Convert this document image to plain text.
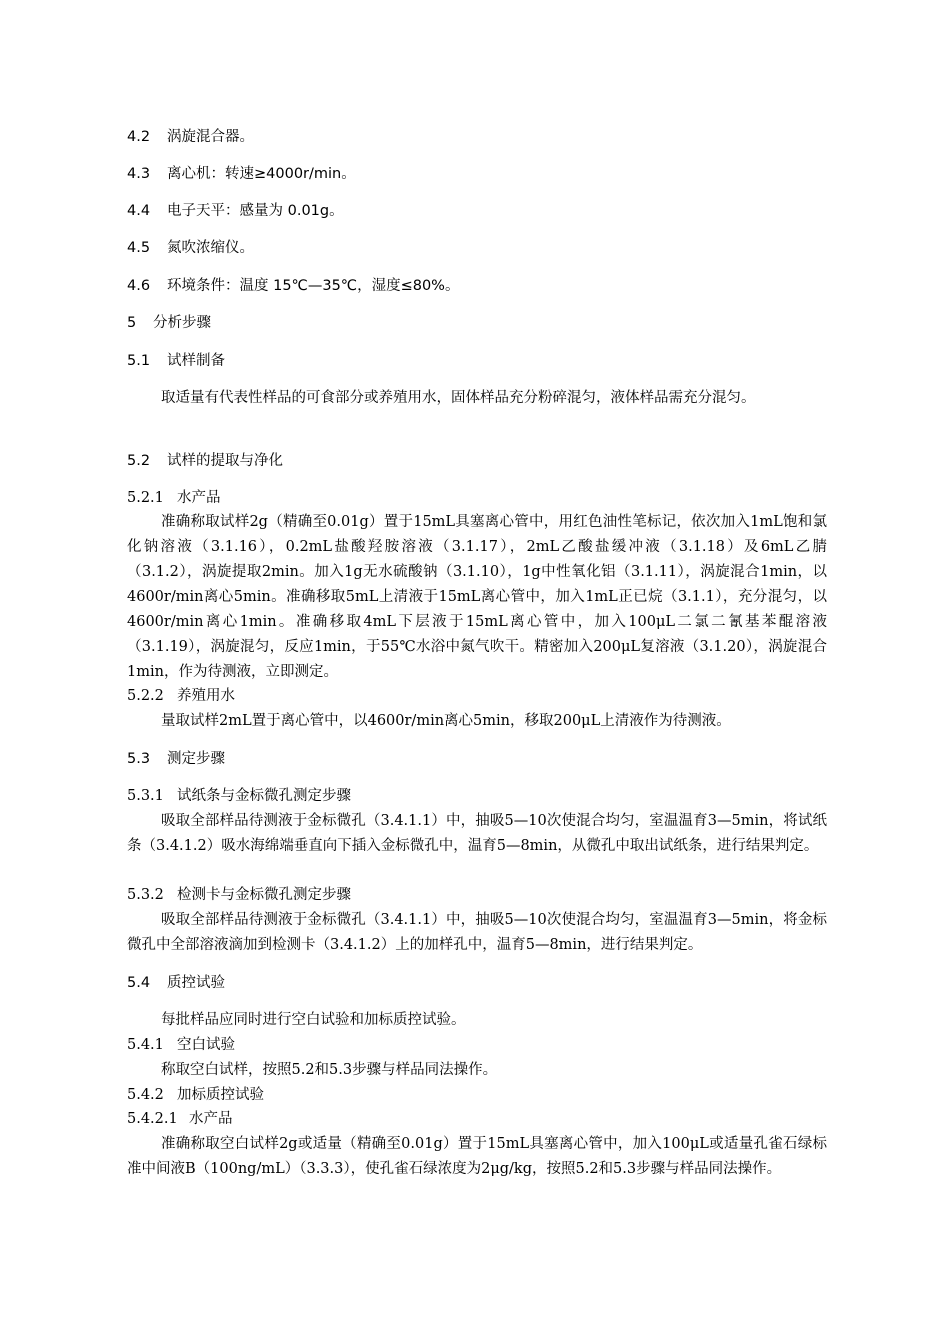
4.2 涡旋混合器。
4.3 离心机：转速≥4000r/min。
4.4 电子天平：感量为 0.01g。
4.5 氮吹浓缩仪。
4.6 环境条件：温度 15℃—35℃，湿度≤80%。
5 分析步骤
5.1 试样制备
取适量有代表性样品的可食部分或养殖用水，固体样品充分粉碎混匀，液体样品需充分混匀。
5.2 试样的提取与净化
5.2.1 水产品
准确称取试样2g（精确至0.01g）置于15mL具塞离心管中，用红色油性笔标记，依次加入1mL饱和氯化钠溶液（3.1.16），0.2mL盐酸羟胺溶液（3.1.17），2mL乙酸盐缓冲液（3.1.18）及6mL乙腈（3.1.2），涡旋提取2min。加入1g无水硫酸钠（3.1.10），1g中性氧化铝（3.1.11），涡旋混合1min，以4600r/min离心5min。准确移取5mL上清液于15mL离心管中，加入1mL正已烷（3.1.1），充分混匀，以4600r/min离心1min。准确移取4mL下层液于15mL离心管中，加入100μL二氯二氰基苯醌溶液（3.1.19），涡旋混匀，反应1min，于55℃水浴中氮气吹干。精密加入200μL复溶液（3.1.20），涡旋混合1min，作为待测液，立即测定。
5.2.2 养殖用水
量取试样2mL置于离心管中，以4600r/min离心5min，移取200μL上清液作为待测液。
5.3 测定步骤
5.3.1 试纸条与金标微孔测定步骤
吸取全部样品待测液于金标微孔（3.4.1.1）中，抽吸5—10次使混合均匀，室温温育3—5min，将试纸条（3.4.1.2）吸水海绵端垂直向下插入金标微孔中，温育5—8min，从微孔中取出试纸条，进行结果判定。
5.3.2 检测卡与金标微孔测定步骤
吸取全部样品待测液于金标微孔（3.4.1.1）中，抽吸5—10次使混合均匀，室温温育3—5min，将金标微孔中全部溶液滴加到检测卡（3.4.1.2）上的加样孔中，温育5—8min，进行结果判定。
5.4 质控试验
每批样品应同时进行空白试验和加标质控试验。
5.4.1 空白试验
称取空白试样，按照5.2和5.3步骤与样品同法操作。
5.4.2 加标质控试验
5.4.2.1 水产品
准确称取空白试样2g或适量（精确至0.01g）置于15mL具塞离心管中，加入100μL或适量孔雀石绿标准中间液B（100ng/mL）（3.3.3），使孔雀石绿浓度为2μg/kg，按照5.2和5.3步骤与样品同法操作。
